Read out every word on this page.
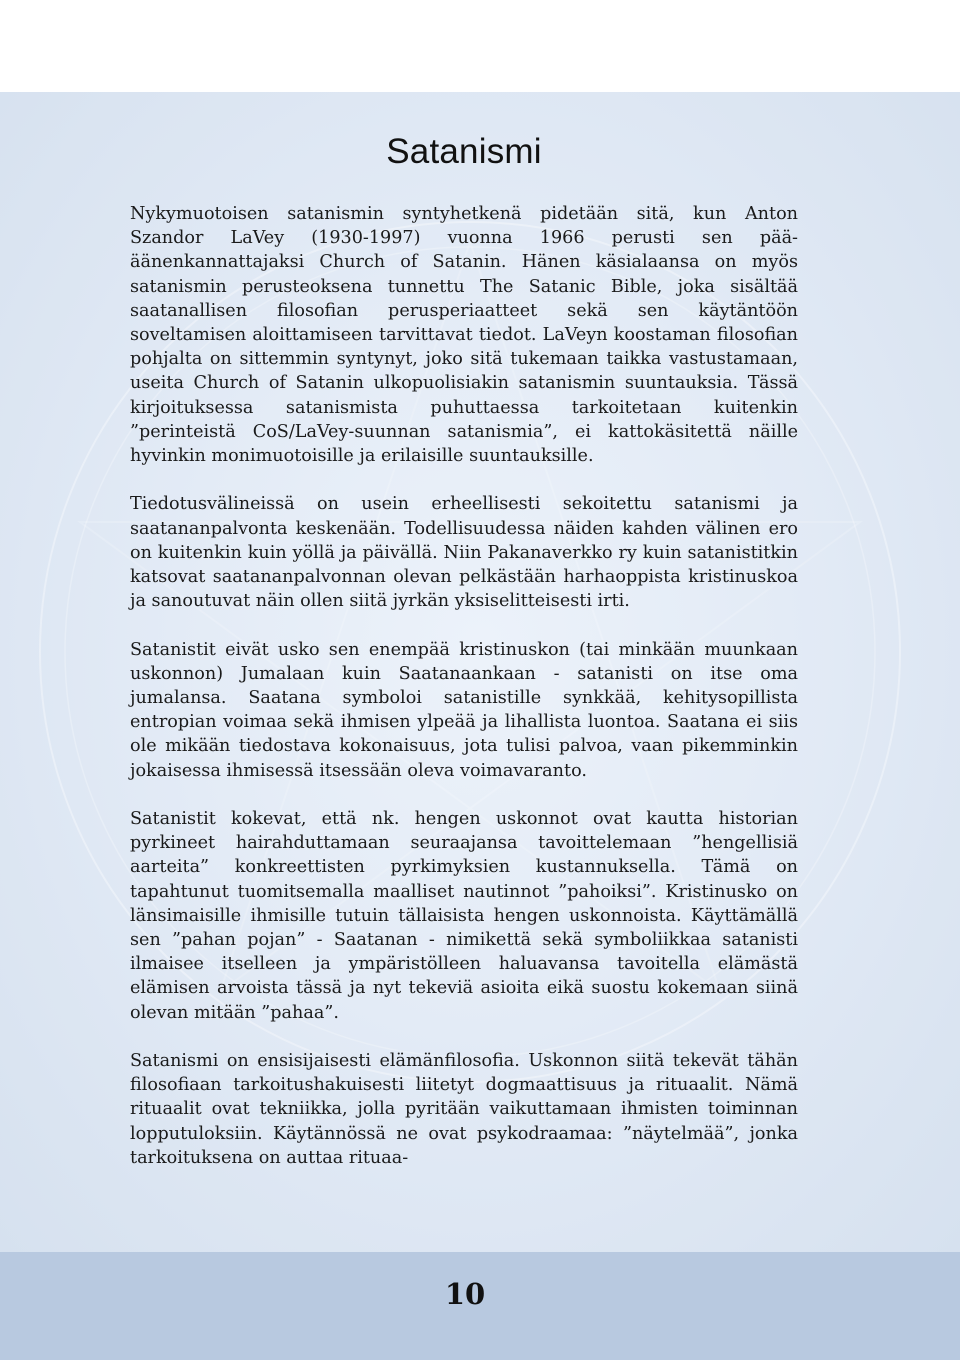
Satanismi

Nykymuotoisen satanismin syntyhetkenä pidetään sitä, kun Anton Szandor LaVey (1930-1997) vuonna 1966 perusti sen pää-äänenkannattajaksi Church of Satanin. Hänen käsialaansa on myös satanismin perusteoksena tunnettu The Satanic Bible, joka sisältää saatanallisen filosofian perusperiaatteet sekä sen käytäntöön soveltamisen aloittamiseen tarvittavat tiedot. LaVeyn koostaman filosofian pohjalta on sittemmin syntynyt, joko sitä tukemaan taikka vastustamaan, useita Church of Satanin ulkopuolisiakin satanismin suuntauksia. Tässä kirjoituksessa satanismista puhuttaessa tarkoitetaan kuitenkin ”perinteistä CoS/LaVey-suunnan satanismia”, ei kattokäsitettä näille hyvinkin monimuotoisille ja erilaisille suuntauksille.

Tiedotusvälineissä on usein erheellisesti sekoitettu satanismi ja saatananpalvonta keskenään. Todellisuudessa näiden kahden välinen ero on kuitenkin kuin yöllä ja päivällä. Niin Pakanaverkko ry kuin satanistitkin katsovat saatananpalvonnan olevan pelkästään harhaoppista kristinuskoa ja sanoutuvat näin ollen siitä jyrkän yksiselitteisesti irti.

Satanistit eivät usko sen enempää kristinuskon (tai minkään muunkaan uskonnon) Jumalaan kuin Saatanaankaan - satanisti on itse oma jumalansa. Saatana symboloi satanistille synkkää, kehitysopillista entropian voimaa sekä ihmisen ylpeää ja lihallista luontoa. Saatana ei siis ole mikään tiedostava kokonaisuus, jota tulisi palvoa, vaan pikemminkin jokaisessa ihmisessä itsessään oleva voimavaranto.

Satanistit kokevat, että nk. hengen uskonnot ovat kautta historian pyrkineet hairahduttamaan seuraajansa tavoittelemaan ”hengellisiä aarteita” konkreettisten pyrkimyksien kustannuksella. Tämä on tapahtunut tuomitsemalla maalliset nautinnot ”pahoiksi”. Kristinusko on länsimaisille ihmisille tutuin tällaisista hengen uskonnoista. Käyttämällä sen ”pahan pojan” - Saatanan - nimikettä sekä symboliikkaa satanisti ilmaisee itselleen ja ympäristölleen haluavansa tavoitella elämästä elämisen arvoista tässä ja nyt tekeviä asioita eikä suostu kokemaan siinä olevan mitään ”pahaa”.

Satanismi on ensisijaisesti elämänfilosofia. Uskonnon siitä tekevät tähän filosofiaan tarkoitushakuisesti liitetyt dogmaattisuus ja rituaalit. Nämä rituaalit ovat tekniikka, jolla pyritään vaikuttamaan ihmisten toiminnan lopputuloksiin. Käytännössä ne ovat psykodraamaa: ”näytelmää”, jonka tarkoituksena on auttaa rituaa-

10
